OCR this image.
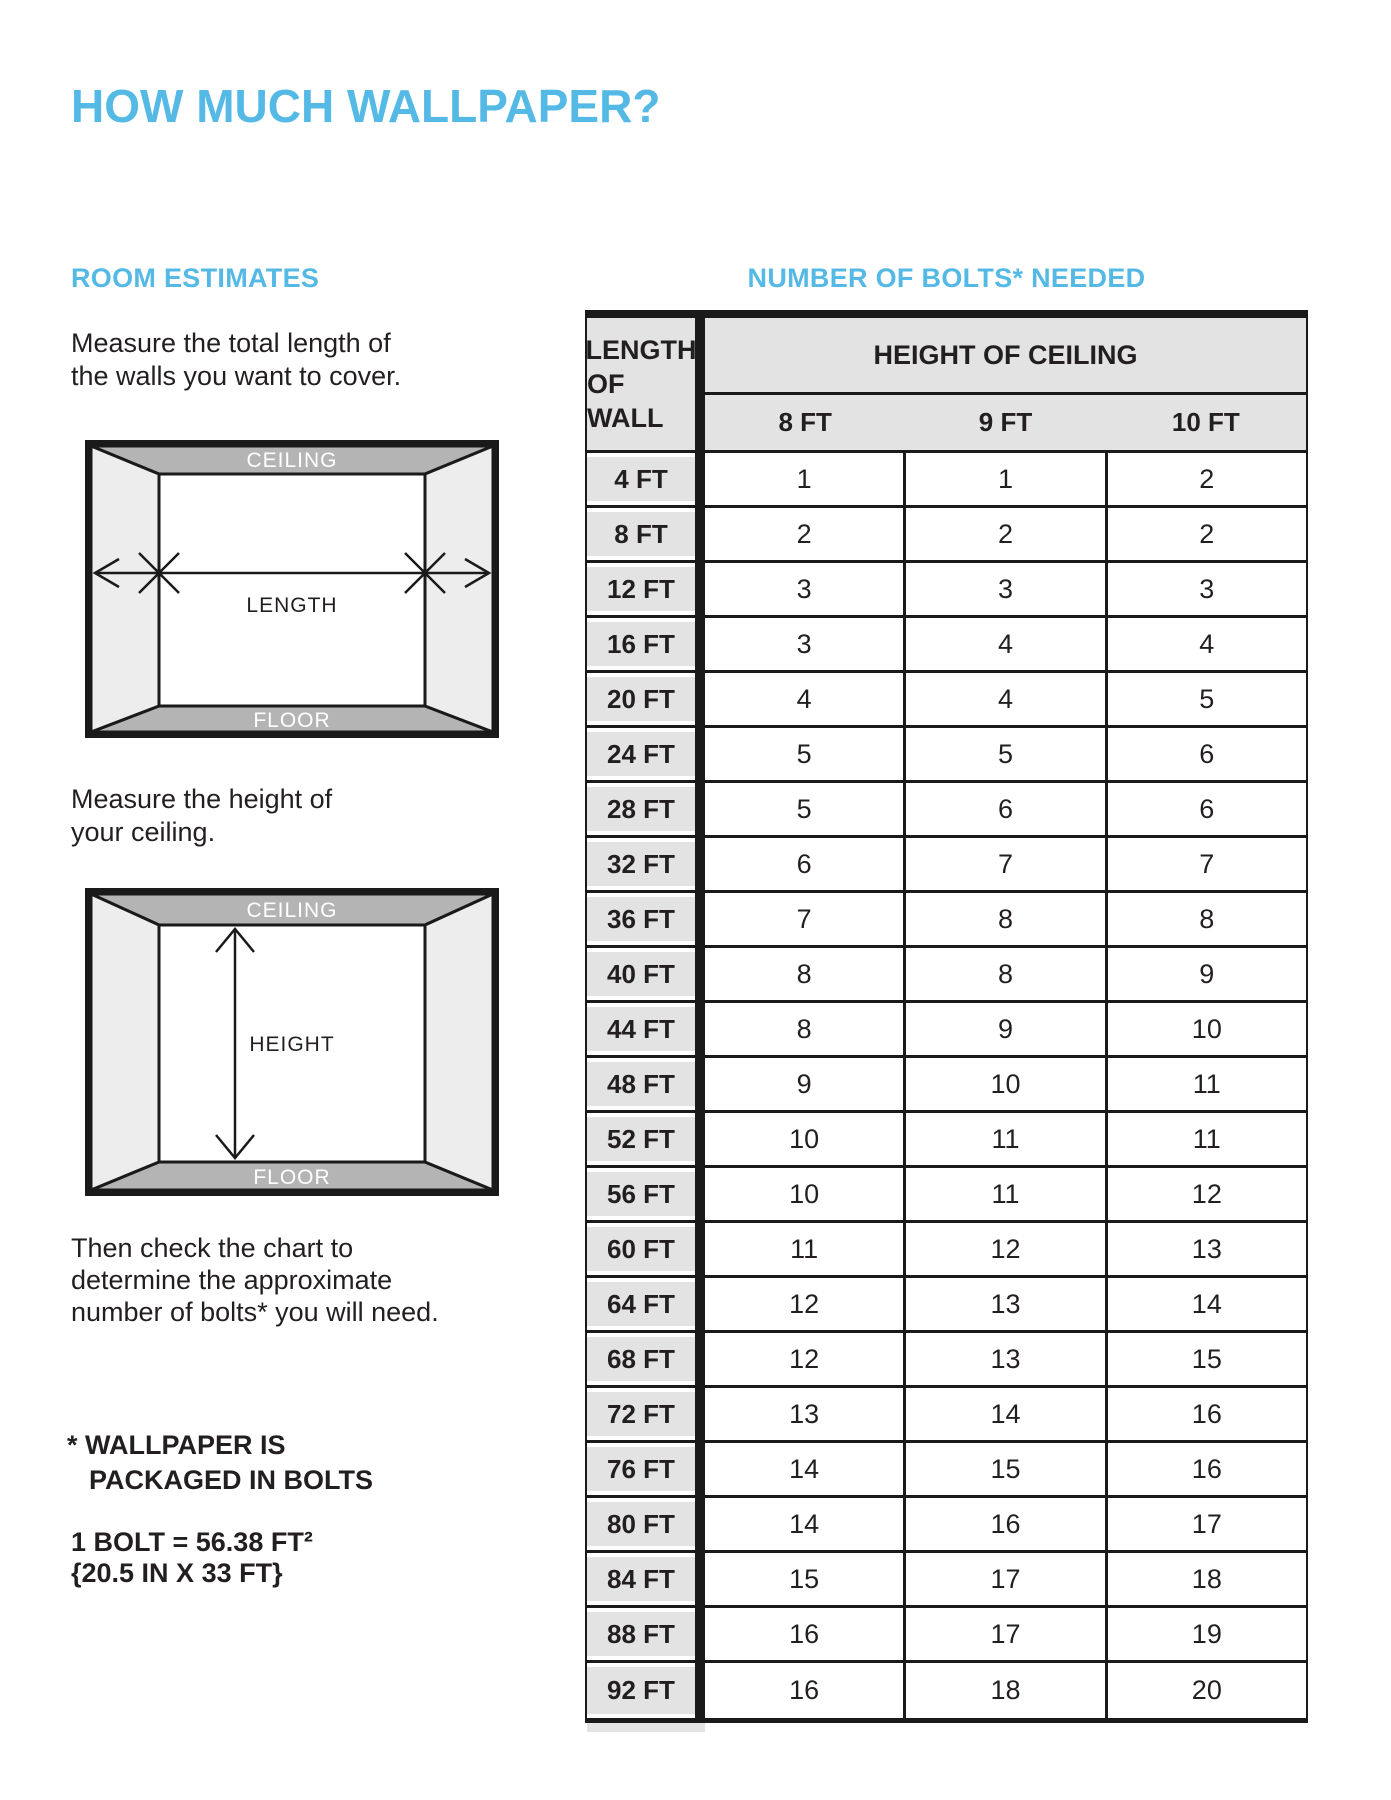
HOW MUCH WALLPAPER?
ROOM ESTIMATES
Measure the total length of
the walls you want to cover.
CEILING
LENGTH
FLOOR
Measure the height of
your ceiling.
CEILING
HEIGHT
FLOOR
Then check the chart to
determine the approximate
number of bolts* you will need.
* WALLPAPER IS
PACKAGED IN BOLTS
1 BOLT = 56.38 FT²
{20.5 IN X 33 FT}
NUMBER OF BOLTS* NEEDED
LENGTH
OF WALL
HEIGHT OF CEILING
8 FT	9 FT	10 FT
4 FT	1	1	2
8 FT	2	2	2
12 FT	3	3	3
16 FT	3	4	4
20 FT	4	4	5
24 FT	5	5	6
28 FT	5	6	6
32 FT	6	7	7
36 FT	7	8	8
40 FT	8	8	9
44 FT	8	9	10
48 FT	9	10	11
52 FT	10	11	11
56 FT	10	11	12
60 FT	11	12	13
64 FT	12	13	14
68 FT	12	13	15
72 FT	13	14	16
76 FT	14	15	16
80 FT	14	16	17
84 FT	15	17	18
88 FT	16	17	19
92 FT	16	18	20
